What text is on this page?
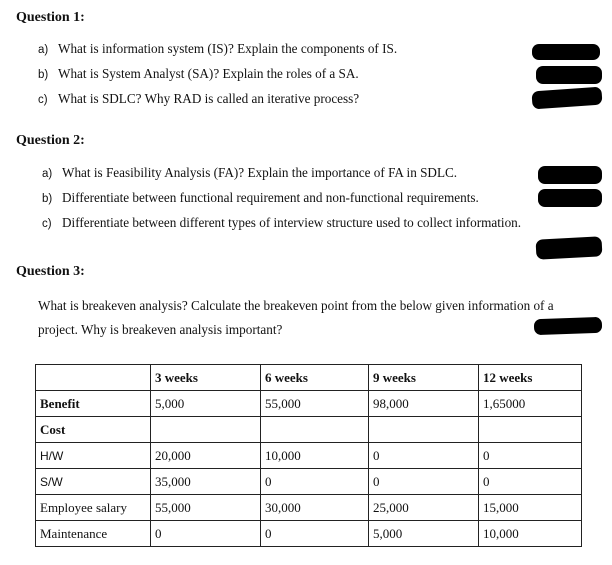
Question 1:
a) What is information system (IS)? Explain the components of IS.
b) What is System Analyst (SA)? Explain the roles of a SA.
c) What is SDLC? Why RAD is called an iterative process?
Question 2:
a) What is Feasibility Analysis (FA)? Explain the importance of FA in SDLC.
b) Differentiate between functional requirement and non-functional requirements.
c) Differentiate between different types of interview structure used to collect information.
Question 3:
What is breakeven analysis? Calculate the breakeven point from the below given information of a
project. Why is breakeven analysis important?
	3 weeks	6 weeks	9 weeks	12 weeks
Benefit	5,000	55,000	98,000	1,65000
Cost				
H/W	20,000	10,000	0	0
S/W	35,000	0	0	0
Employee salary	55,000	30,000	25,000	15,000
Maintenance	0	0	5,000	10,000
